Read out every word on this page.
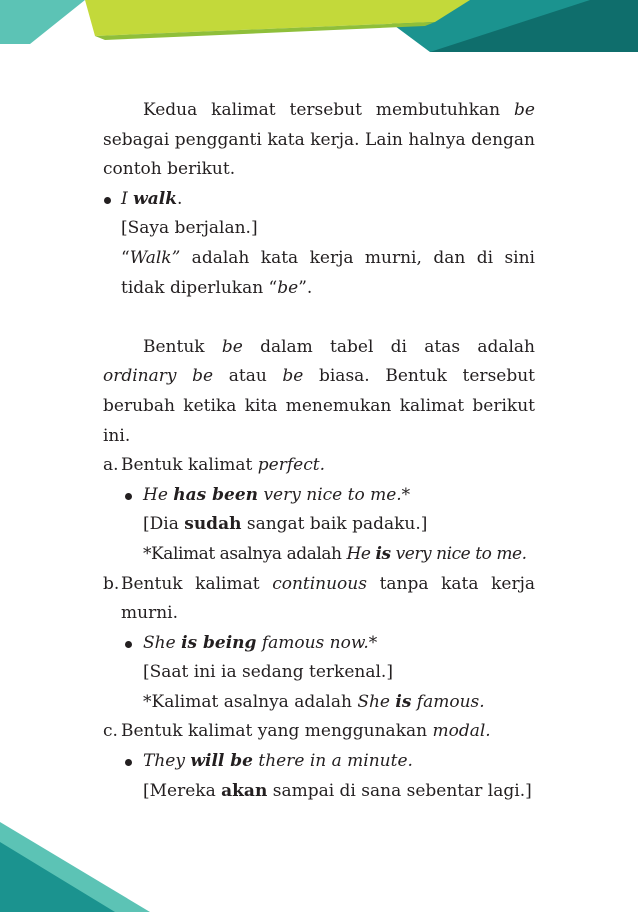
Kedua kalimat tersebut membutuhkan be sebagai pengganti kata kerja. Lain halnya dengan contoh berikut.

I walk.
[Saya berjalan.]
“Walk” adalah kata kerja murni, dan di sini tidak diperlukan “be”.

Bentuk be dalam tabel di atas adalah ordinary be atau be biasa. Bentuk tersebut berubah ketika kita menemukan kalimat berikut ini.

a. Bentuk kalimat perfect.
He has been very nice to me.*
[Dia sudah sangat baik padaku.]
*Kalimat asalnya adalah He is very nice to me.
b. Bentuk kalimat continuous tanpa kata kerja murni.
She is being famous now.*
[Saat ini ia sedang terkenal.]
*Kalimat asalnya adalah She is famous.
c. Bentuk kalimat yang menggunakan modal.
They will be there in a minute.
[Mereka akan sampai di sana sebentar lagi.]
